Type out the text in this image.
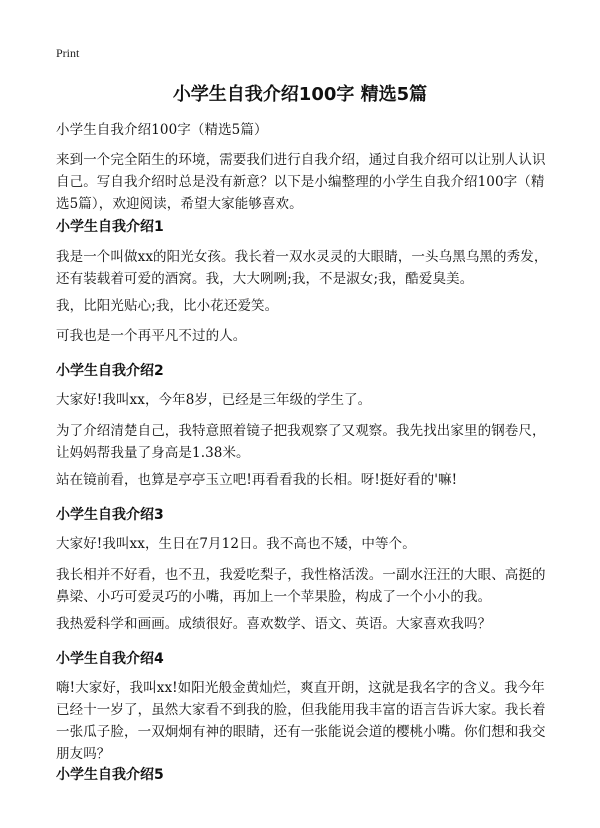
Print
小学生自我介绍100字 精选5篇

小学生自我介绍100字（精选5篇）

来到一个完全陌生的环境，需要我们进行自我介绍，通过自我介绍可以让别人认识自己。写自我介绍时总是没有新意？以下是小编整理的小学生自我介绍100字（精选5篇），欢迎阅读，希望大家能够喜欢。

小学生自我介绍1

我是一个叫做xx的阳光女孩。我长着一双水灵灵的大眼睛，一头乌黑乌黑的秀发，还有装载着可爱的酒窝。我，大大咧咧;我，不是淑女;我，酷爱臭美。

我，比阳光贴心;我，比小花还爱笑。

可我也是一个再平凡不过的人。

小学生自我介绍2

大家好!我叫xx，今年8岁，已经是三年级的学生了。

为了介绍清楚自己，我特意照着镜子把我观察了又观察。我先找出家里的钢卷尺，让妈妈帮我量了身高是1.38米。

站在镜前看，也算是亭亭玉立吧!再看看我的长相。呀!挺好看的'嘛!

小学生自我介绍3

大家好!我叫xx，生日在7月12日。我不高也不矮，中等个。

我长相并不好看，也不丑，我爱吃梨子，我性格活泼。一副水汪汪的大眼、高挺的鼻梁、小巧可爱灵巧的小嘴，再加上一个苹果脸，构成了一个小小的我。

我热爱科学和画画。成绩很好。喜欢数学、语文、英语。大家喜欢我吗？

小学生自我介绍4

嗨!大家好，我叫xx!如阳光般金黄灿烂，爽直开朗，这就是我名字的含义。我今年已经十一岁了，虽然大家看不到我的脸，但我能用我丰富的语言告诉大家。我长着一张瓜子脸，一双炯炯有神的眼睛，还有一张能说会道的樱桃小嘴。你们想和我交朋友吗？

小学生自我介绍5
